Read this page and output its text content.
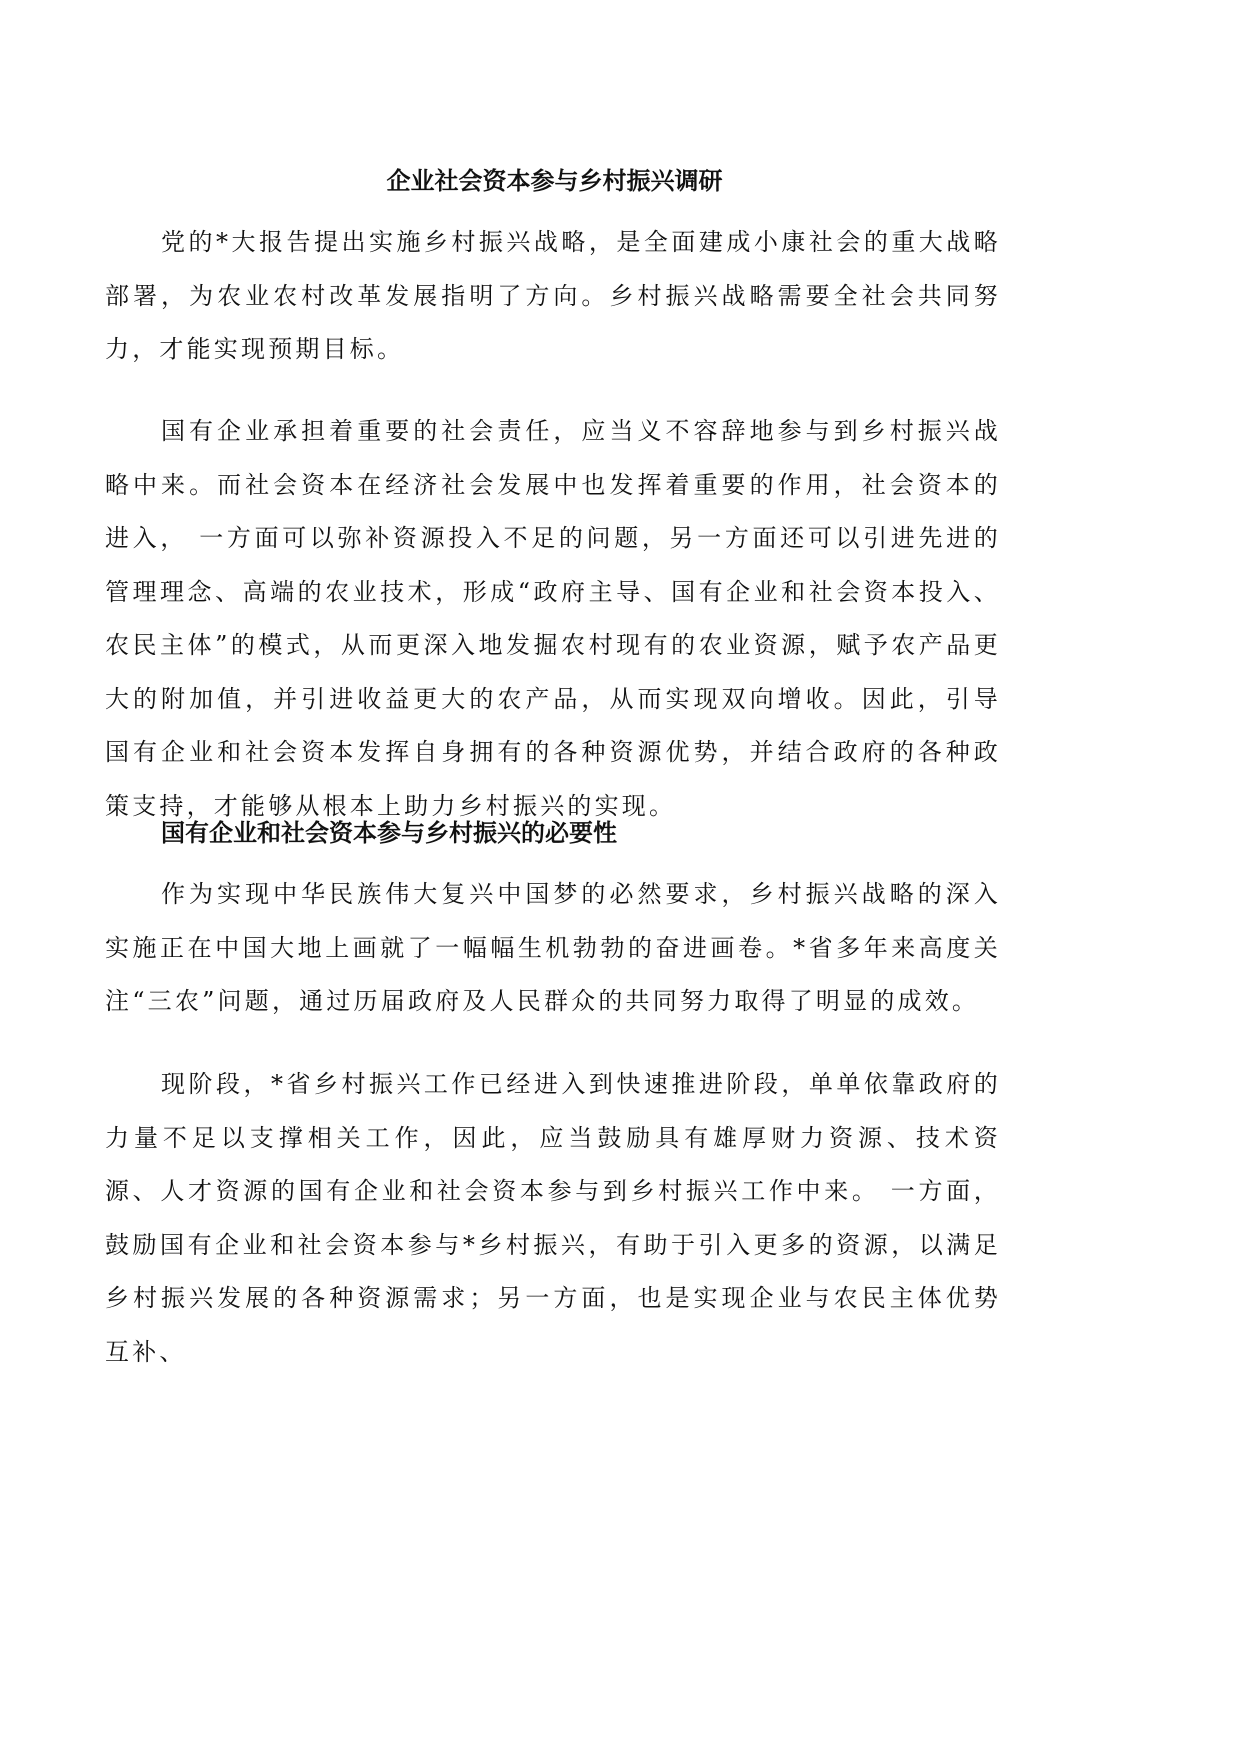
企业社会资本参与乡村振兴调研

党的*大报告提出实施乡村振兴战略，是全面建成小康社会的重大战略部署，为农业农村改革发展指明了方向。乡村振兴战略需要全社会共同努力，才能实现预期目标。

国有企业承担着重要的社会责任，应当义不容辞地参与到乡村振兴战略中来。而社会资本在经济社会发展中也发挥着重要的作用，社会资本的进入， 一方面可以弥补资源投入不足的问题，另一方面还可以引进先进的管理理念、高端的农业技术，形成“政府主导、国有企业和社会资本投入、农民主体”的模式，从而更深入地发掘农村现有的农业资源，赋予农产品更大的附加值，并引进收益更大的农产品，从而实现双向增收。因此，引导国有企业和社会资本发挥自身拥有的各种资源优势，并结合政府的各种政策支持，才能够从根本上助力乡村振兴的实现。

国有企业和社会资本参与乡村振兴的必要性

作为实现中华民族伟大复兴中国梦的必然要求，乡村振兴战略的深入实施正在中国大地上画就了一幅幅生机勃勃的奋进画卷。*省多年来高度关注“三农”问题，通过历届政府及人民群众的共同努力取得了明显的成效。

现阶段，*省乡村振兴工作已经进入到快速推进阶段，单单依靠政府的力量不足以支撑相关工作，因此，应当鼓励具有雄厚财力资源、技术资源、人才资源的国有企业和社会资本参与到乡村振兴工作中来。 一方面，鼓励国有企业和社会资本参与*乡村振兴，有助于引入更多的资源，以满足乡村振兴发展的各种资源需求；另一方面，也是实现企业与农民主体优势互补、
